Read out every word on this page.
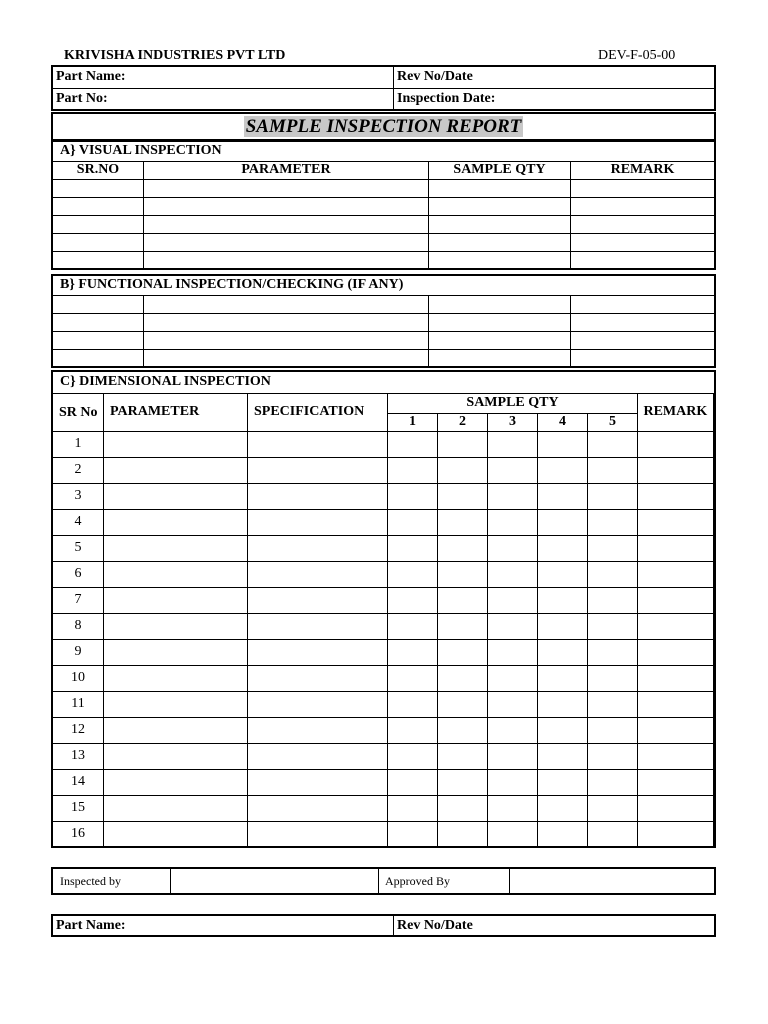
KRIVISHA INDUSTRIES PVT LTD	DEV-F-05-00
Part Name:	Rev No/Date
Part No:	Inspection Date:
SAMPLE INSPECTION REPORT
A} VISUAL INSPECTION			
SR.NO	PARAMETER	SAMPLE QTY	REMARK

B} FUNCTIONAL INSPECTION/CHECKING (IF ANY)			

C} DIMENSIONAL INSPECTION									
SR No	PARAMETER	SPECIFICATION	SAMPLE QTY					REMARK	
			1	2	3	4	5		
1									
2									
3									
4									
5									
6									
7									
8									
9									
10									
11									
12									
13									
14									
15									
16									
Inspected by		Approved By	
Part Name:	Rev No/Date
